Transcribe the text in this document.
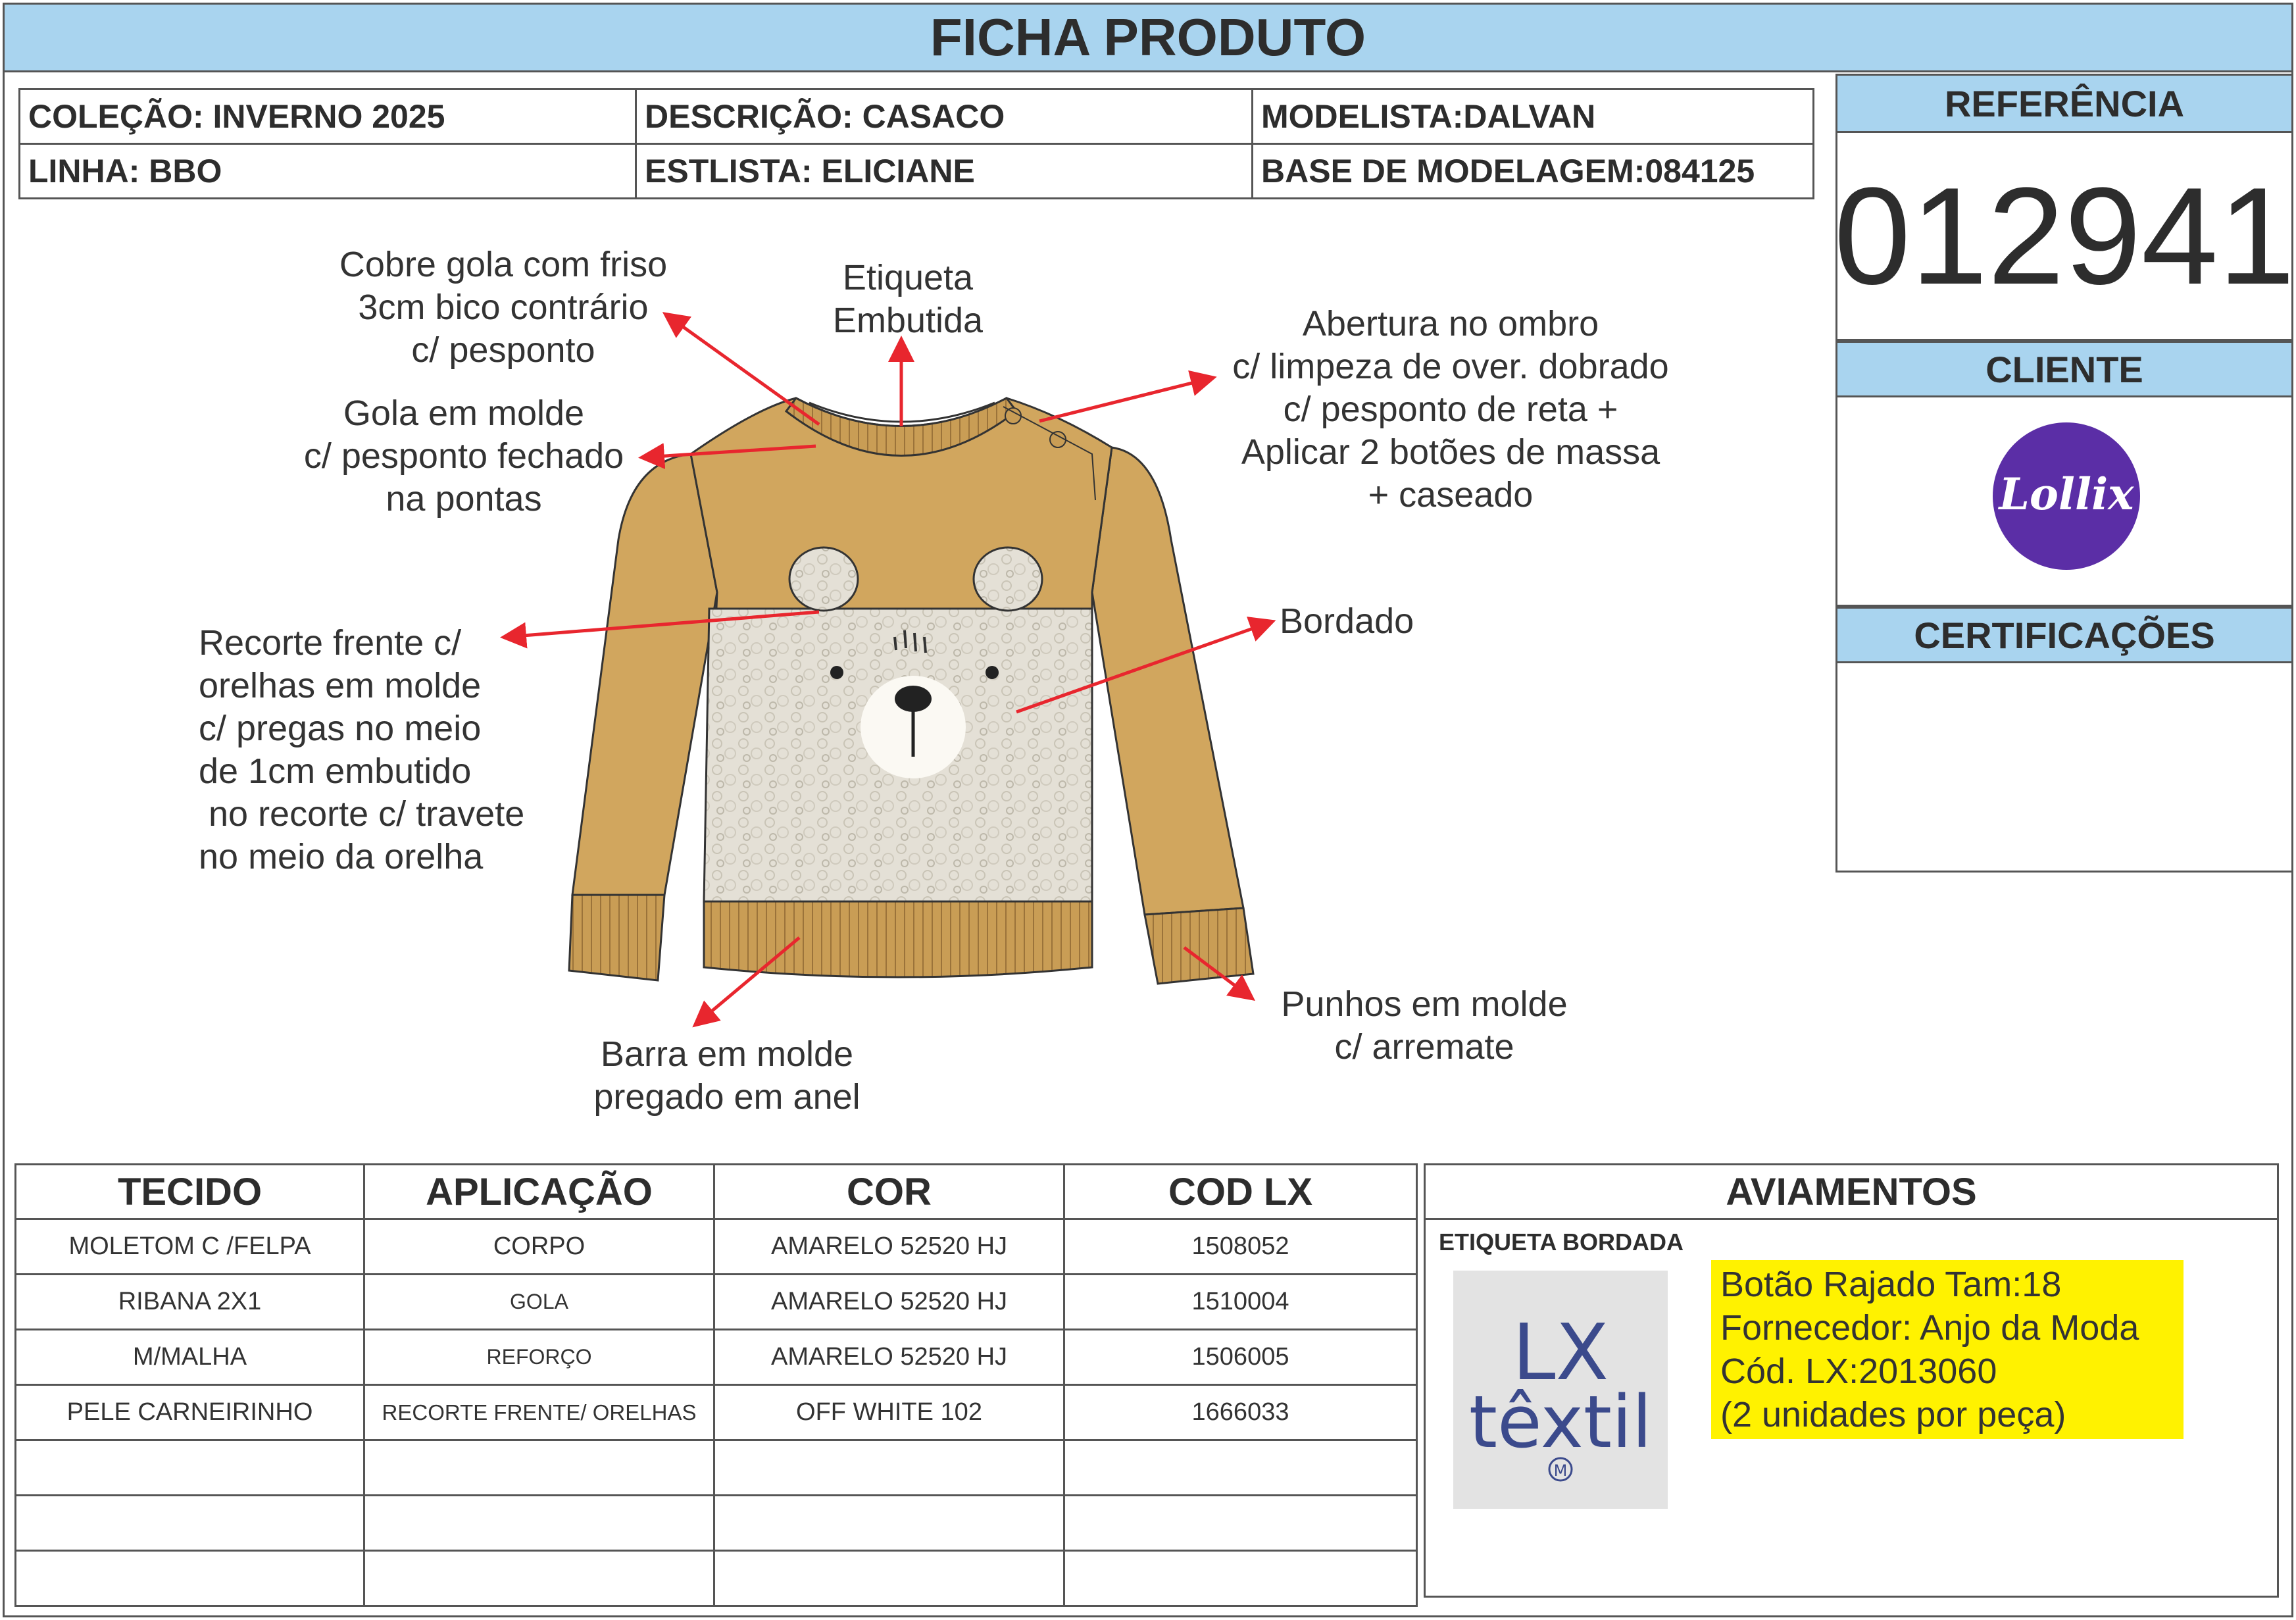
FICHA PRODUTO
COLEÇÃO: INVERNO 2025	DESCRIÇÃO: CASACO	MODELISTA:DALVAN
LINHA: BBO	ESTLISTA: ELICIANE	BASE DE MODELAGEM:084125
REFERÊNCIA
012941
CLIENTE
Lollix
CERTIFICAÇÕES
Cobre gola com friso
3cm bico contrário
c/ pesponto
Etiqueta
Embutida	Abertura no ombro
c/ limpeza de over. dobrado
c/ pesponto de reta +
Aplicar 2 botões de massa
+ caseado
Gola em molde
c/ pesponto fechado
na pontas
Recorte frente c/
orelhas em molde
c/ pregas no meio
de 1cm embutido
no recorte c/ travete
no meio da orelha
Bordado
Punhos em molde
c/ arremate
Barra em molde
pregado em anel
TECIDO	APLICAÇÃO	COR	COD LX
MOLETOM C /FELPA	CORPO	AMARELO 52520 HJ	1508052
RIBANA 2X1	GOLA	AMARELO 52520 HJ	1510004
M/MALHA	REFORÇO	AMARELO 52520 HJ	1506005
PELE CARNEIRINHO	RECORTE FRENTE/ ORELHAS	OFF WHITE 102	1666033

AVIAMENTOS
ETIQUETA BORDADA
LX
têxtil
M
Botão Rajado Tam:18
Fornecedor: Anjo da Moda
Cód. LX:2013060
(2 unidades por peça)
